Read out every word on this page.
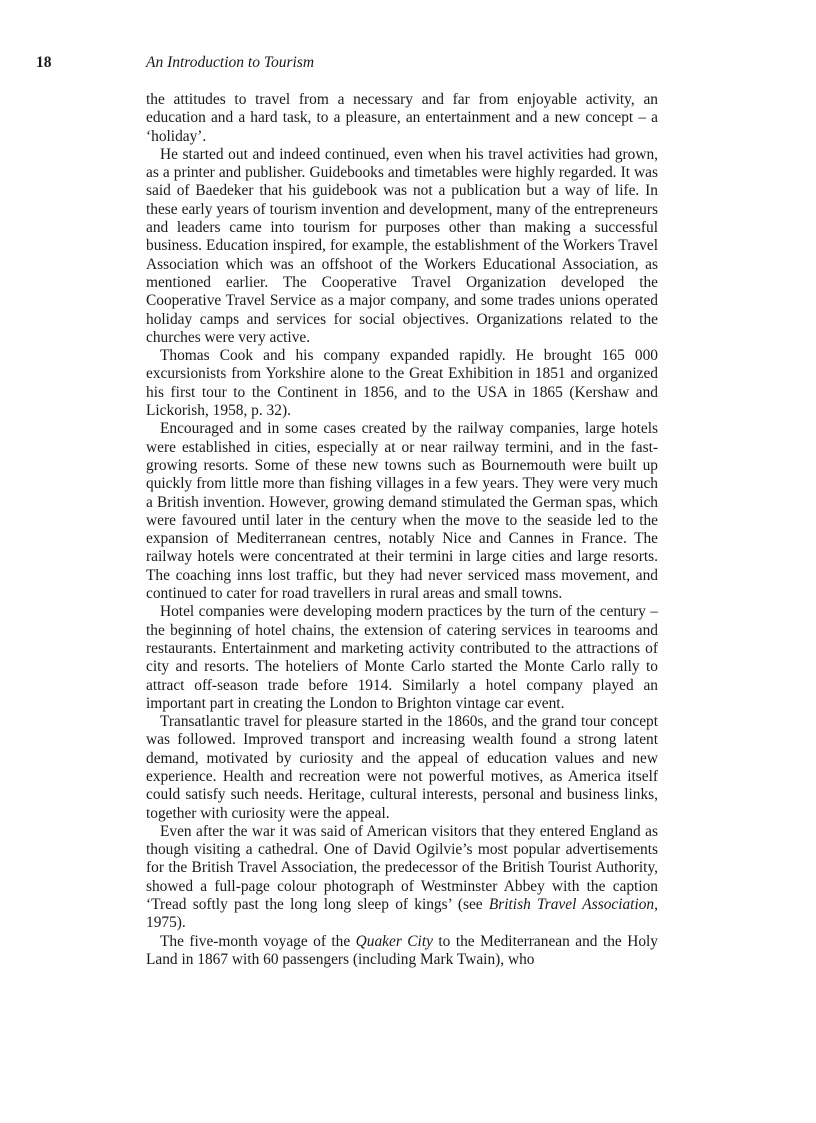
18	An Introduction to Tourism

the attitudes to travel from a necessary and far from enjoyable activity, an education and a hard task, to a pleasure, an entertainment and a new concept – a ‘holiday’.

He started out and indeed continued, even when his travel activities had grown, as a printer and publisher. Guidebooks and timetables were highly regarded. It was said of Baedeker that his guidebook was not a publication but a way of life. In these early years of tourism invention and development, many of the entrepreneurs and leaders came into tourism for purposes other than making a successful business. Education inspired, for example, the establishment of the Workers Travel Association which was an offshoot of the Workers Educational Association, as mentioned earlier. The Cooperative Travel Organization developed the Cooperative Travel Service as a major company, and some trades unions operated holiday camps and services for social objectives. Organizations related to the churches were very active.

Thomas Cook and his company expanded rapidly. He brought 165 000 excursionists from Yorkshire alone to the Great Exhibition in 1851 and organized his first tour to the Continent in 1856, and to the USA in 1865 (Kershaw and Lickorish, 1958, p. 32).

Encouraged and in some cases created by the railway companies, large hotels were established in cities, especially at or near railway termini, and in the fast-growing resorts. Some of these new towns such as Bournemouth were built up quickly from little more than fishing villages in a few years. They were very much a British invention. However, growing demand stimulated the German spas, which were favoured until later in the century when the move to the seaside led to the expansion of Mediterranean centres, notably Nice and Cannes in France. The railway hotels were concentrated at their termini in large cities and large resorts. The coaching inns lost traffic, but they had never serviced mass movement, and continued to cater for road travellers in rural areas and small towns.

Hotel companies were developing modern practices by the turn of the century – the beginning of hotel chains, the extension of catering services in tearooms and restaurants. Entertainment and marketing activity contributed to the attractions of city and resorts. The hoteliers of Monte Carlo started the Monte Carlo rally to attract off-season trade before 1914. Similarly a hotel company played an important part in creating the London to Brighton vintage car event.

Transatlantic travel for pleasure started in the 1860s, and the grand tour concept was followed. Improved transport and increasing wealth found a strong latent demand, motivated by curiosity and the appeal of education values and new experience. Health and recreation were not powerful motives, as America itself could satisfy such needs. Heritage, cultural interests, personal and business links, together with curiosity were the appeal.

Even after the war it was said of American visitors that they entered England as though visiting a cathedral. One of David Ogilvie’s most popular advertisements for the British Travel Association, the predecessor of the British Tourist Authority, showed a full-page colour photograph of Westminster Abbey with the caption ‘Tread softly past the long long sleep of kings’ (see British Travel Association, 1975).

The five-month voyage of the Quaker City to the Mediterranean and the Holy Land in 1867 with 60 passengers (including Mark Twain), who
